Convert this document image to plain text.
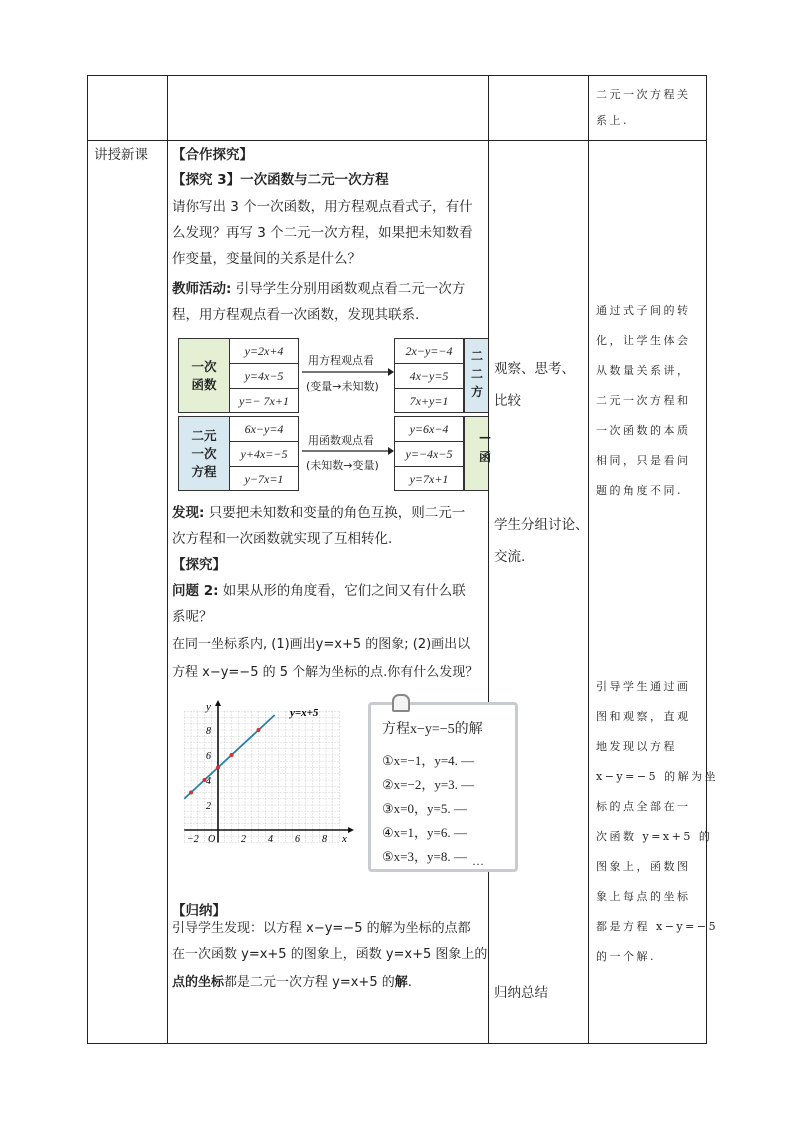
二元一次方程关
系上.
讲授新课 【合作探究】
【探究 3】一次函数与二元一次方程
请你写出 3 个一次函数，用方程观点看式子，有什
么发现？再写 3 个二元一次方程，如果把未知数看
作变量，变量间的关系是什么？
教师活动: 引导学生分别用函数观点看二元一次方
程，用方程观点看一次函数，发现其联系.
一次
函数
y=2x+4
y=4x−5
y=− 7x+1
用方程观点看
(变量→未知数)
2x−y=−4
4x−y=5
7x+y=1
二
二
方
二元
一次
方程
6x−y=4
y+4x=−5
y−7x=1
用函数观点看
(未知数→变量)
y=6x−4
y=−4x−5
y=7x+1
—
函
发现: 只要把未知数和变量的角色互换，则二元一
次方程和一次函数就实现了互相转化.
【探究】
问题 2: 如果从形的角度看，它们之间又有什么联
系呢？
在同一坐标系内, (1)画出y=x+5 的图象; (2)画出以
方程 x−y=−5 的 5 个解为坐标的点.你有什么发现？
2
4
6
8
−2	2 4 6 8
O
y
x
y=x+5
方程x−y=−5的解
①x=−1，y=4. —
②x=−2，y=3. —
③x=0，y=5. —
④x=1，y=6. —
⑤x=3，y=8. — …
【归纳】
引导学生发现：以方程 x−y=−5 的解为坐标的点都
在一次函数 y=x+5 的图象上，函数 y=x+5 图象上的
点的坐标都是二元一次方程 y=x+5 的解.
观察、思考、
比较
学生分组讨论、
交流.
归纳总结
通过式子间的转
化，让学生体会
从数量关系讲，
二元一次方程和
一次函数的本质
相同，只是看问
题的角度不同.
引导学生通过画
图和观察，直观
地发现以方程
x−y=−5 的解为坐
标的点全部在一
次函数 y=x+5 的
图象上，函数图
象上每点的坐标
都是方程 x−y=−5
的一个解.
